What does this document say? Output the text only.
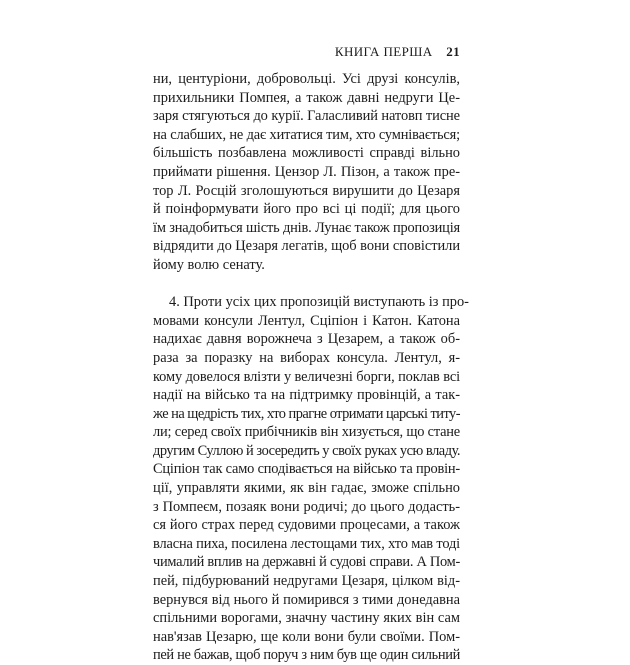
КНИГА ПЕРША 21
ни, центуріони, добровольці. Усі друзі консулів,
прихильники Помпея, а також давні недруги Це-
заря стягуються до курії. Галасливий натовп тисне
на слабших, не дає хитатися тим, хто сумнівається;
більшість позбавлена можливості справді вільно
приймати рішення. Цензор Л. Пізон, а також пре-
тор Л. Росцій зголошуються вирушити до Цезаря
й поінформувати його про всі ці події; для цього
їм знадобиться шість днів. Лунає також пропозиція
відрядити до Цезаря легатів, щоб вони сповістили
йому волю сенату.
4. Проти усіх цих пропозицій виступають із про-
мовами консули Лентул, Сціпіон і Катон. Катона
надихає давня ворожнеча з Цезарем, а також об-
раза за поразку на виборах консула. Лентул, я-
кому довелося влізти у величезні борги, поклав всі
надії на військо та на підтримку провінцій, а так-
же на щедрість тих, хто прагне отримати царські титу-
ли; серед своїх прибічників він хизується, що стане
другим Суллою й зосередить у своїх руках усю владу.
Сціпіон так само сподівається на військо та провін-
ції, управляти якими, як він гадає, зможе спільно
з Помпеєм, позаяк вони родичі; до цього додасть-
ся його страх перед судовими процесами, а також
власна пиха, посилена лестощами тих, хто мав тоді
чималий вплив на державні й судові справи. А Пом-
пей, підбурюваний недругами Цезаря, цілком від-
вернувся від нього й помирився з тими донедавна
спільними ворогами, значну частину яких він сам
нав'язав Цезарю, ще коли вони були своїми. Пом-
пей не бажав, щоб поруч з ним був ще один сильний
